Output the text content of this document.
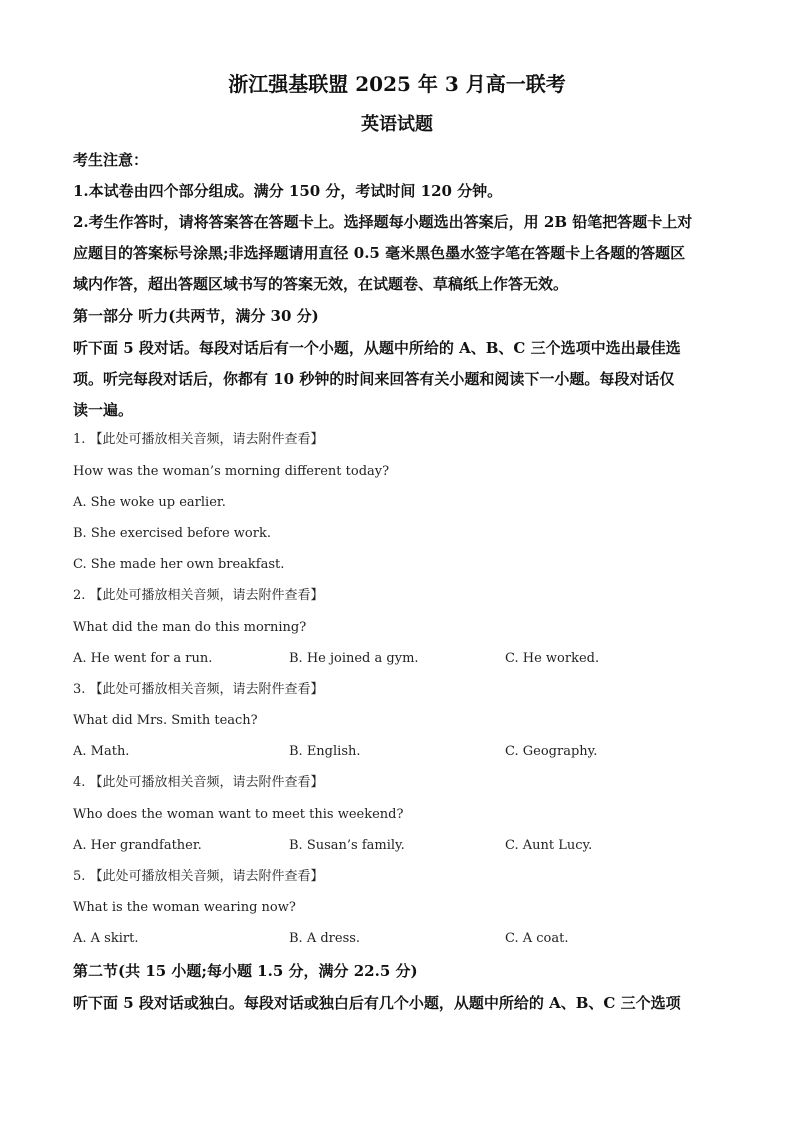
浙江强基联盟 2025 年 3 月高一联考
英语试题
考生注意：
1.本试卷由四个部分组成。满分 150 分，考试时间 120 分钟。
2.考生作答时，请将答案答在答题卡上。选择题每小题选出答案后，用 2B 铅笔把答题卡上对
应题目的答案标号涂黑;非选择题请用直径 0.5 毫米黑色墨水签字笔在答题卡上各题的答题区
域内作答，超出答题区域书写的答案无效，在试题卷、草稿纸上作答无效。
第一部分 听力(共两节，满分 30 分)
听下面 5 段对话。每段对话后有一个小题，从题中所给的 A、B、C 三个选项中选出最佳选
项。听完每段对话后，你都有 10 秒钟的时间来回答有关小题和阅读下一小题。每段对话仅
读一遍。
1. 【此处可播放相关音频，请去附件查看】
How was the woman’s morning different today?
A. She woke up earlier.
B. She exercised before work.
C. She made her own breakfast.
2. 【此处可播放相关音频，请去附件查看】
What did the man do this morning?
A. He went for a run.	B. He joined a gym.	C. He worked.
3. 【此处可播放相关音频，请去附件查看】
What did Mrs. Smith teach?
A. Math.	B. English.	C. Geography.
4. 【此处可播放相关音频，请去附件查看】
Who does the woman want to meet this weekend?
A. Her grandfather.	B. Susan’s family.	C. Aunt Lucy.
5. 【此处可播放相关音频，请去附件查看】
What is the woman wearing now?
A. A skirt.	B. A dress.	C. A coat.
第二节(共 15 小题;每小题 1.5 分，满分 22.5 分)
听下面 5 段对话或独白。每段对话或独白后有几个小题，从题中所给的 A、B、C 三个选项
